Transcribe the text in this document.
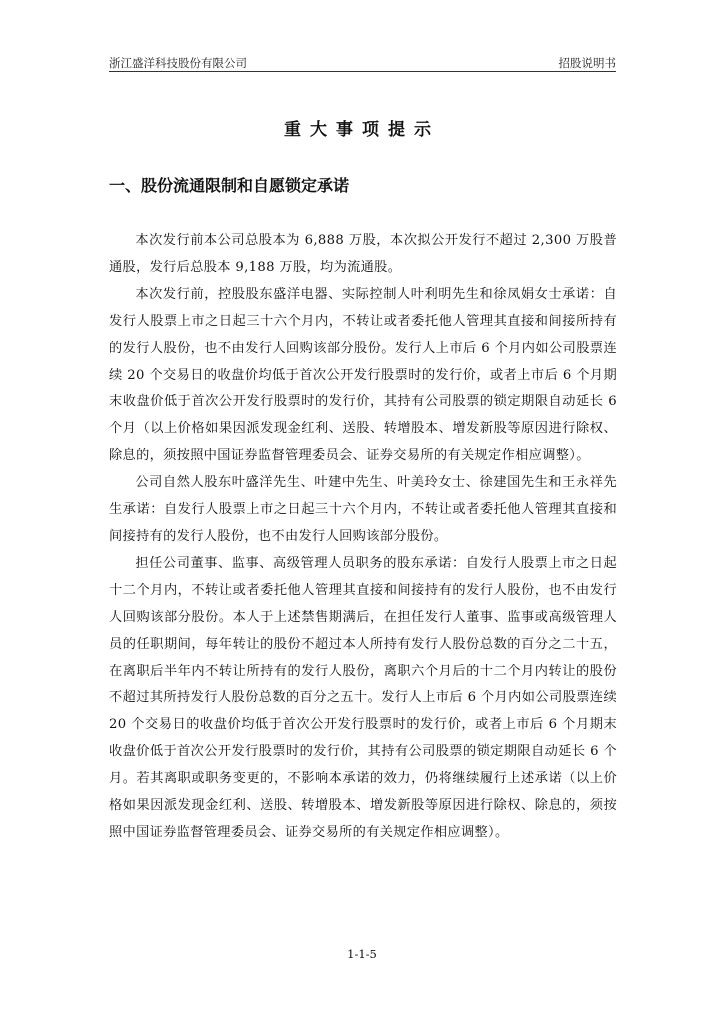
浙江盛洋科技股份有限公司	招股说明书
重大事项提示
一、股份流通限制和自愿锁定承诺

本次发行前本公司总股本为 6,888 万股，本次拟公开发行不超过 2,300 万股普通股，发行后总股本 9,188 万股，均为流通股。

本次发行前，控股股东盛洋电器、实际控制人叶利明先生和徐凤娟女士承诺：自发行人股票上市之日起三十六个月内，不转让或者委托他人管理其直接和间接所持有的发行人股份，也不由发行人回购该部分股份。发行人上市后 6 个月内如公司股票连续 20 个交易日的收盘价均低于首次公开发行股票时的发行价，或者上市后 6 个月期末收盘价低于首次公开发行股票时的发行价，其持有公司股票的锁定期限自动延长 6 个月（以上价格如果因派发现金红利、送股、转增股本、增发新股等原因进行除权、除息的，须按照中国证券监督管理委员会、证券交易所的有关规定作相应调整）。

公司自然人股东叶盛洋先生、叶建中先生、叶美玲女士、徐建国先生和王永祥先生承诺：自发行人股票上市之日起三十六个月内，不转让或者委托他人管理其直接和间接持有的发行人股份，也不由发行人回购该部分股份。

担任公司董事、监事、高级管理人员职务的股东承诺：自发行人股票上市之日起十二个月内，不转让或者委托他人管理其直接和间接持有的发行人股份，也不由发行人回购该部分股份。本人于上述禁售期满后，在担任发行人董事、监事或高级管理人员的任职期间，每年转让的股份不超过本人所持有发行人股份总数的百分之二十五，在离职后半年内不转让所持有的发行人股份，离职六个月后的十二个月内转让的股份不超过其所持发行人股份总数的百分之五十。发行人上市后 6 个月内如公司股票连续 20 个交易日的收盘价均低于首次公开发行股票时的发行价，或者上市后 6 个月期末收盘价低于首次公开发行股票时的发行价，其持有公司股票的锁定期限自动延长 6 个月。若其离职或职务变更的，不影响本承诺的效力，仍将继续履行上述承诺（以上价格如果因派发现金红利、送股、转增股本、增发新股等原因进行除权、除息的，须按照中国证券监督管理委员会、证券交易所的有关规定作相应调整）。

1-1-5
